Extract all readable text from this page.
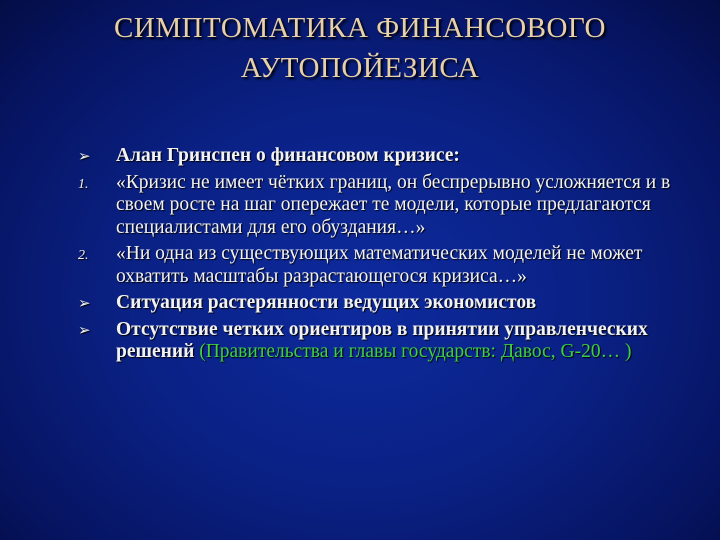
СИМПТОМАТИКА ФИНАНСОВОГО
АУТОПОЙЕЗИСА
➢ Алан Гринспен о финансовом кризисе:
1. «Кризис не имеет чётких границ, он беспрерывно усложняется и в своем росте на шаг опережает те модели, которые предлагаются специалистами для его обуздания…»
2. «Ни одна из существующих математических моделей не может охватить масштабы разрастающегося кризиса…»
➢ Ситуация растерянности ведущих экономистов
➢ Отсутствие четких ориентиров в принятии управленческих решений (Правительства и главы государств: Давос, G-20… )
